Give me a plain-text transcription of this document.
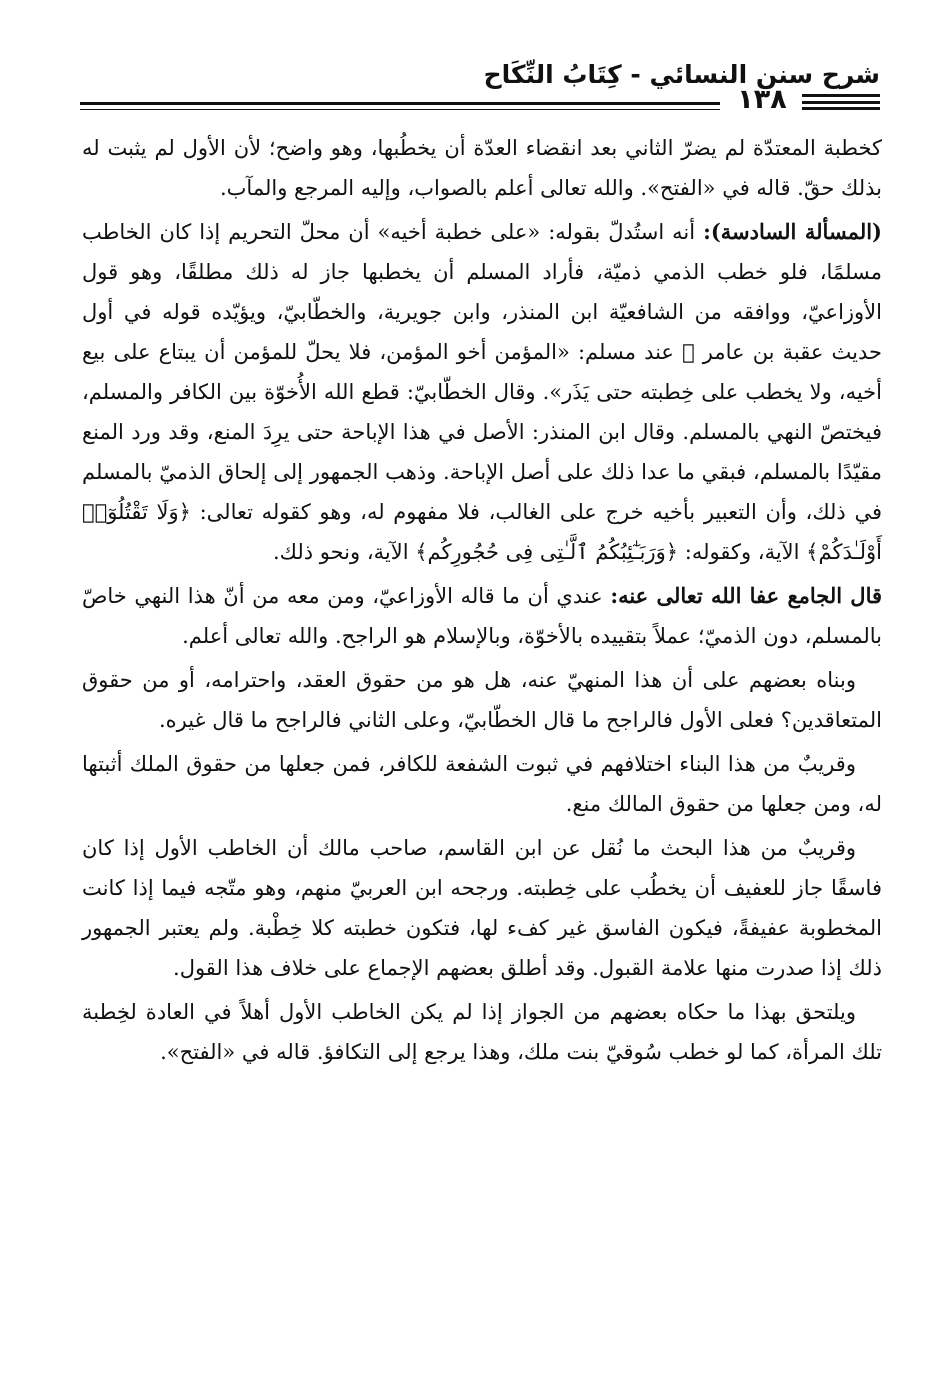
شرح سنن النسائي - كِتَابُ النِّكَاح
١٣٨

كخطبة المعتدّة لم يضرّ الثاني بعد انقضاء العدّة أن يخطُبها، وهو واضح؛ لأن الأول لم يثبت له بذلك حقّ. قاله في «الفتح». والله تعالى أعلم بالصواب، وإليه المرجع والمآب.

(المسألة السادسة): أنه استُدلّ بقوله: «على خطبة أخيه» أن محلّ التحريم إذا كان الخاطب مسلمًا، فلو خطب الذمي ذميّة، فأراد المسلم أن يخطبها جاز له ذلك مطلقًا، وهو قول الأوزاعيّ، ووافقه من الشافعيّة ابن المنذر، وابن جويرية، والخطّابيّ، ويؤيّده قوله في أول حديث عقبة بن عامر ﷺ عند مسلم: «المؤمن أخو المؤمن، فلا يحلّ للمؤمن أن يبتاع على بيع أخيه، ولا يخطب على خِطبته حتى يَذَر». وقال الخطّابيّ: قطع الله الأُخوّة بين الكافر والمسلم، فيختصّ النهي بالمسلم. وقال ابن المنذر: الأصل في هذا الإباحة حتى يرِدَ المنع، وقد ورد المنع مقيّدًا بالمسلم، فبقي ما عدا ذلك على أصل الإباحة. وذهب الجمهور إلى إلحاق الذميّ بالمسلم في ذلك، وأن التعبير بأخيه خرج على الغالب، فلا مفهوم له، وهو كقوله تعالى: ﴿وَلَا تَقْتُلُوٓا۟ أَوْلَـٰدَكُمْ﴾ الآية، وكقوله: ﴿وَرَبَـٰٓئِبُكُمُ ٱلَّـٰتِى فِى حُجُورِكُم﴾ الآية، ونحو ذلك.

قال الجامع عفا الله تعالى عنه: عندي أن ما قاله الأوزاعيّ، ومن معه من أنّ هذا النهي خاصّ بالمسلم، دون الذميّ؛ عملاً بتقييده بالأخوّة، وبالإسلام هو الراجح. والله تعالى أعلم.

وبناه بعضهم على أن هذا المنهيّ عنه، هل هو من حقوق العقد، واحترامه، أو من حقوق المتعاقدين؟ فعلى الأول فالراجح ما قال الخطّابيّ، وعلى الثاني فالراجح ما قال غيره.

وقريبٌ من هذا البناء اختلافهم في ثبوت الشفعة للكافر، فمن جعلها من حقوق الملك أثبتها له، ومن جعلها من حقوق المالك منع.

وقريبٌ من هذا البحث ما نُقل عن ابن القاسم، صاحب مالك أن الخاطب الأول إذا كان فاسقًا جاز للعفيف أن يخطُب على خِطبته. ورجحه ابن العربيّ منهم، وهو متّجه فيما إذا كانت المخطوبة عفيفةً، فيكون الفاسق غير كفء لها، فتكون خطبته كلا خِطْبة. ولم يعتبر الجمهور ذلك إذا صدرت منها علامة القبول. وقد أطلق بعضهم الإجماع على خلاف هذا القول.

ويلتحق بهذا ما حكاه بعضهم من الجواز إذا لم يكن الخاطب الأول أهلاً في العادة لخِطبة تلك المرأة، كما لو خطب سُوقيّ بنت ملك، وهذا يرجع إلى التكافؤ. قاله في «الفتح».
